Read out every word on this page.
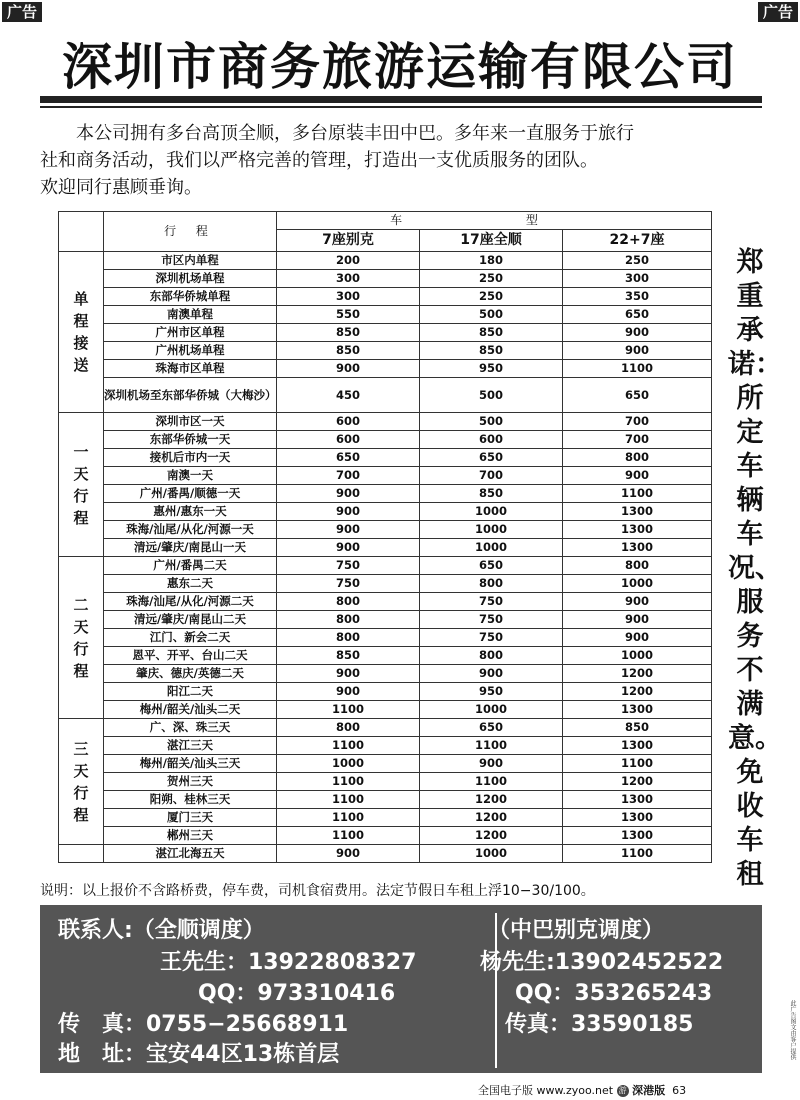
广告	广告
深圳市商务旅游运输有限公司

本公司拥有多台高顶全顺，多台原装丰田中巴。多年来一直服务于旅行

社和商务活动，我们以严格完善的管理，打造出一支优质服务的团队。

欢迎同行惠顾垂询。

	行 程	车 型		
		7座别克	17座全顺	22+7座

单
程
接
送	市区内单程	200	180	250
	深圳机场单程	300	250	300
	东部华侨城单程	300	250	350
	南澳单程	550	500	650
	广州市区单程	850	850	900
	广州机场单程	850	850	900
	珠海市区单程	900	950	1100
	深圳机场至东部华侨城（大梅沙）	450	500	650

一
天
行
程	深圳市区一天	600	500	700
	东部华侨城一天	600	600	700
	接机后市内一天	650	650	800
	南澳一天	700	700	900
	广州/番禺/顺德一天	900	850	1100
	惠州/惠东一天	900	1000	1300
	珠海/汕尾/从化/河源一天	900	1000	1300
	清远/肇庆/南昆山一天	900	1000	1300

二
天
行
程	广州/番禺二天	750	650	800
	惠东二天	750	800	1000
	珠海/汕尾/从化/河源二天	800	750	900
	清远/肇庆/南昆山二天	800	750	900
	江门、新会二天	800	750	900
	恩平、开平、台山二天	850	800	1000
	肇庆、德庆/英德二天	900	900	1200
	阳江二天	900	950	1200
	梅州/韶关/汕头二天	1100	1000	1300

三
天
行
程	广、深、珠三天	800	650	850
	湛江三天	1100	1100	1300
	梅州/韶关/汕头三天	1000	900	1100
	贺州三天	1100	1100	1200
	阳朔、桂林三天	1100	1200	1300
	厦门三天	1100	1200	1300
	郴州三天	1100	1200	1300
	湛江北海五天	900	1000	1100
郑重承诺：所定车辆车况、服务不满意。免收车租
说明：以上报价不含路桥费，停车费，司机食宿费用。法定节假日车租上浮10−30/100。
联系人:（全顺调度）
王先生：13922808327
QQ：973310416
传　真：0755−25668911
地　址：宝安44区13栋首层
（中巴别克调度）
杨先生:13902452522
QQ：353265243
传真：33590185	此广告图文由客户提供
全国电子版 www.zyoo.net 游 深港版 63
